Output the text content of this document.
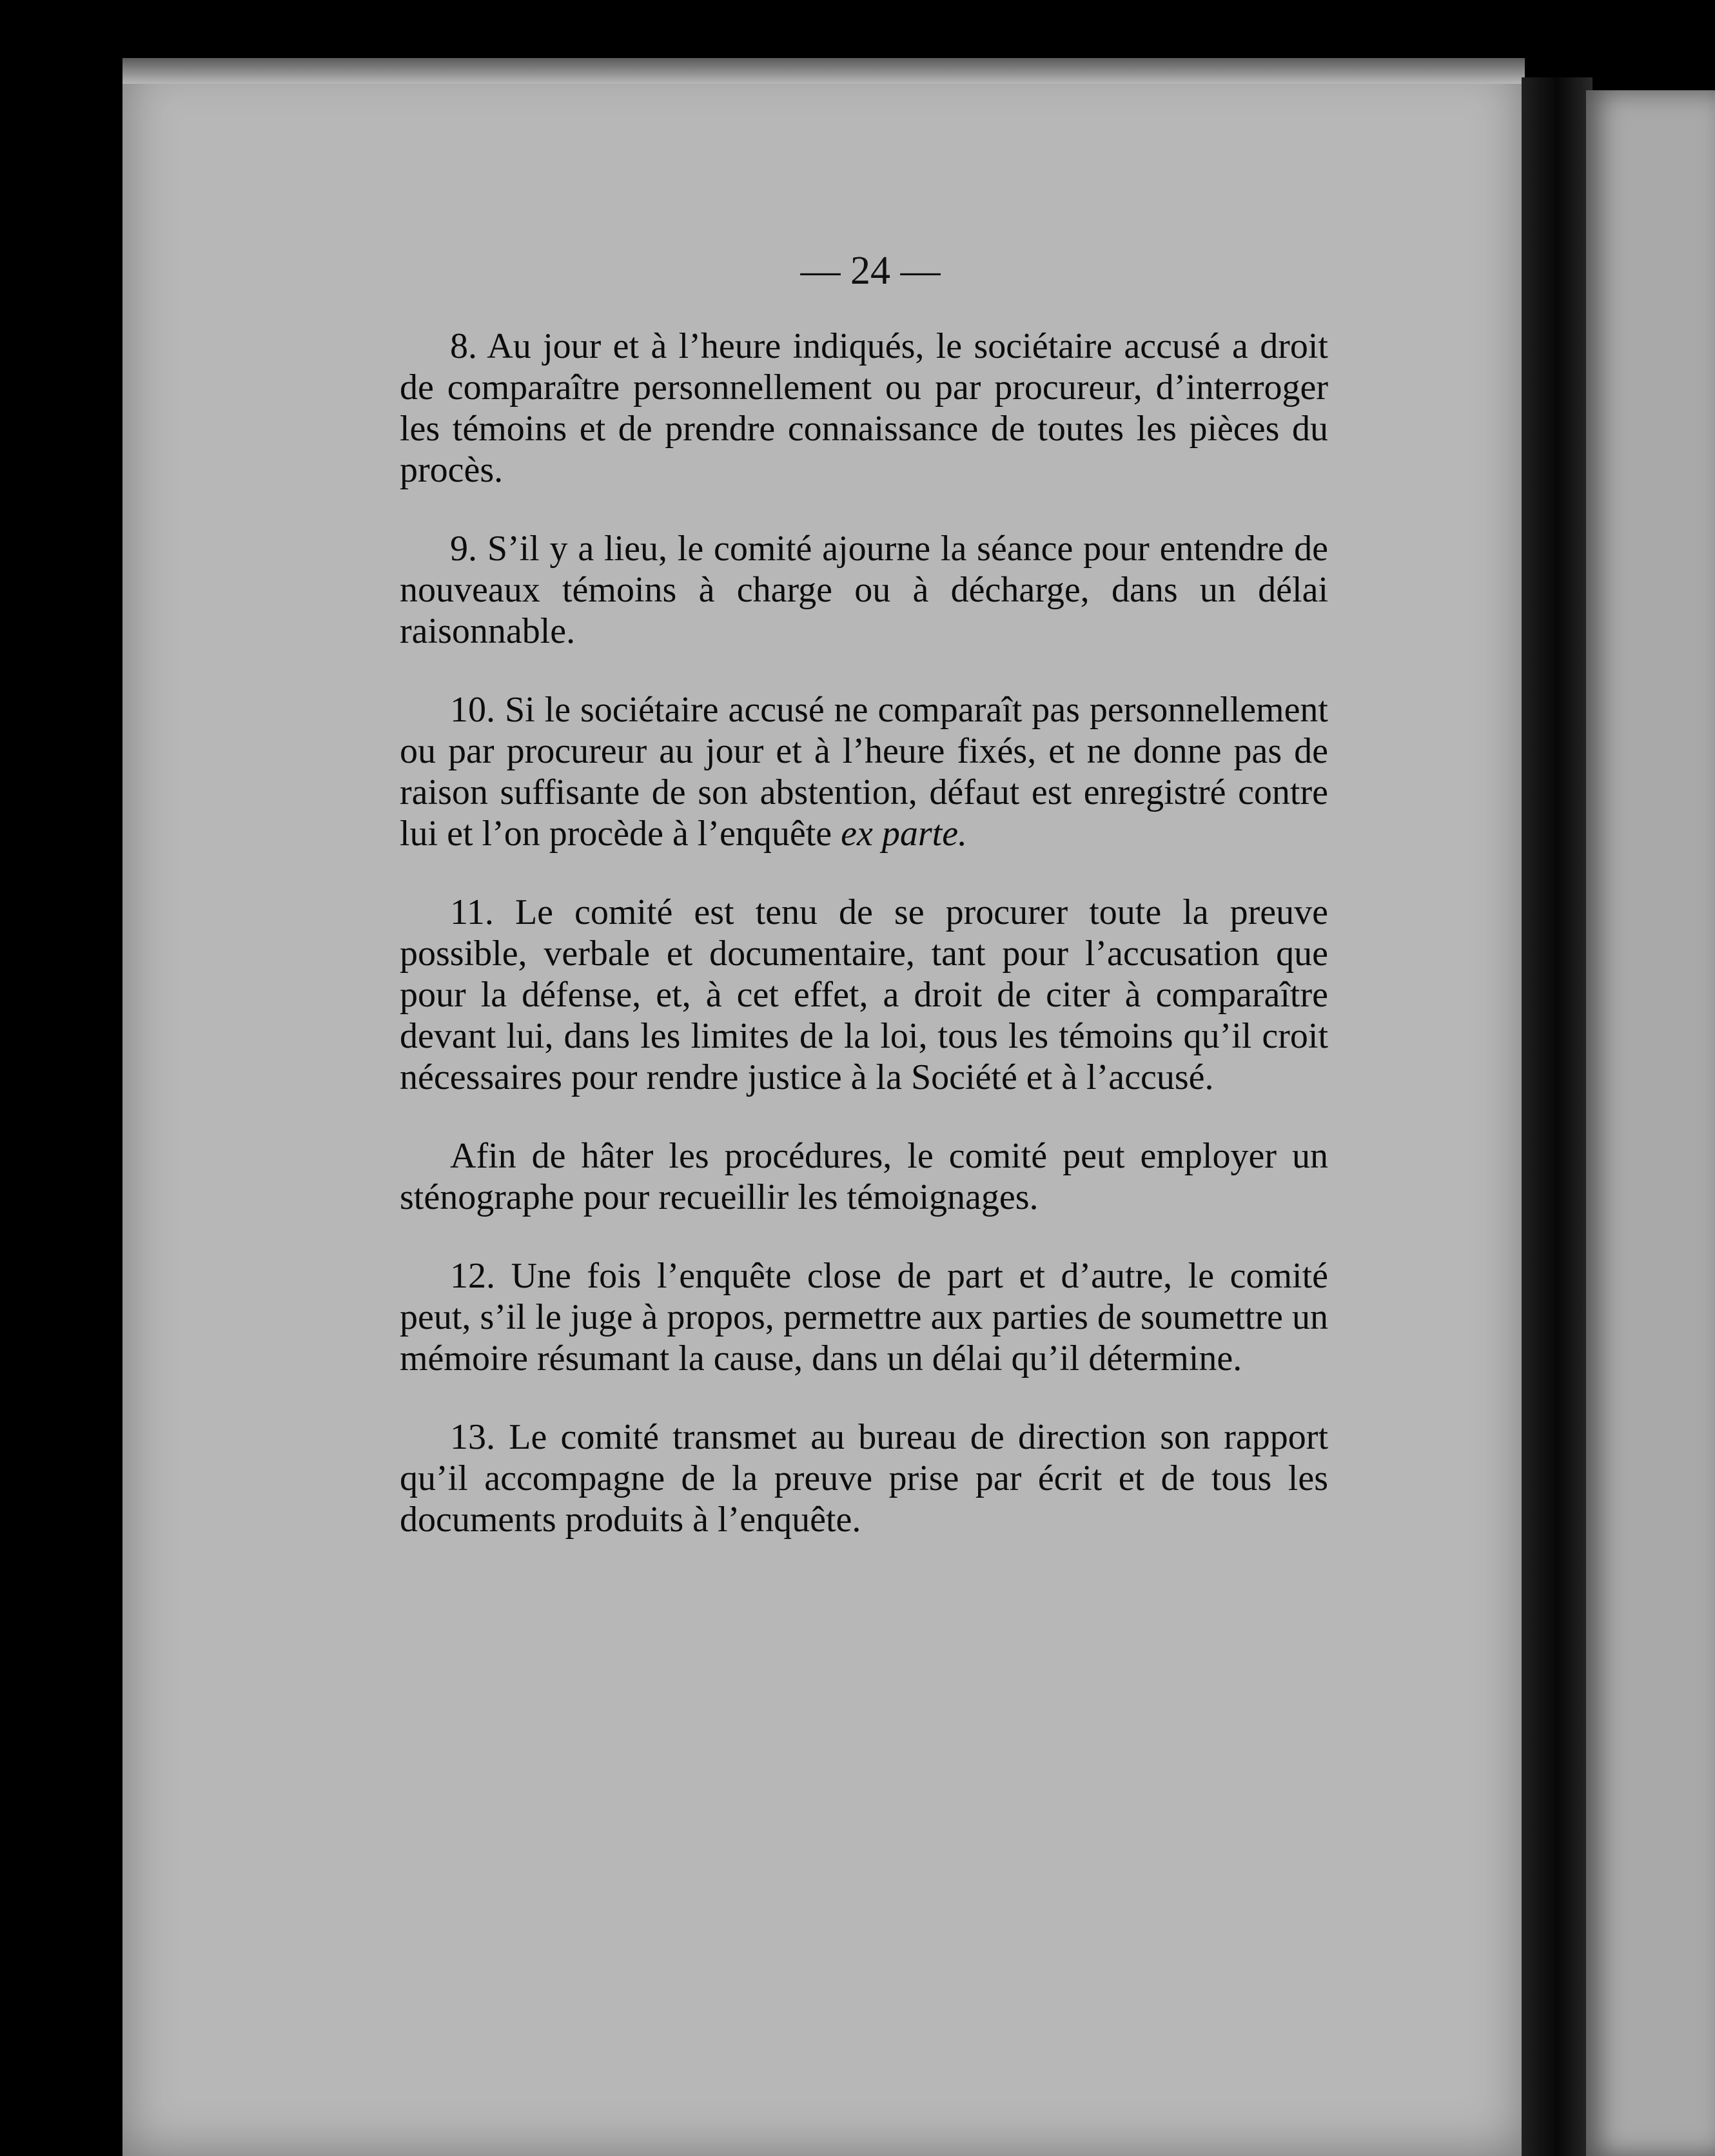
— 24 —

8. Au jour et à l’heure indiqués, le sociétaire accusé a droit de comparaître personnellement ou par procureur, d’interroger les témoins et de prendre connaissance de toutes les pièces du procès.

9. S’il y a lieu, le comité ajourne la séance pour entendre de nouveaux témoins à charge ou à décharge, dans un délai raisonnable.

10. Si le sociétaire accusé ne comparaît pas personnellement ou par procureur au jour et à l’heure fixés, et ne donne pas de raison suffisante de son abstention, défaut est enregistré contre lui et l’on procède à l’enquête ex parte.

11. Le comité est tenu de se procurer toute la preuve possible, verbale et documentaire, tant pour l’accusation que pour la défense, et, à cet effet, a droit de citer à comparaître devant lui, dans les limites de la loi, tous les témoins qu’il croit nécessaires pour rendre justice à la Société et à l’accusé.

Afin de hâter les procédures, le comité peut employer un sténographe pour recueillir les témoignages.

12. Une fois l’enquête close de part et d’autre, le comité peut, s’il le juge à propos, permettre aux parties de soumettre un mémoire résumant la cause, dans un délai qu’il détermine.

13. Le comité transmet au bureau de direction son rapport qu’il accompagne de la preuve prise par écrit et de tous les documents produits à l’enquête.
